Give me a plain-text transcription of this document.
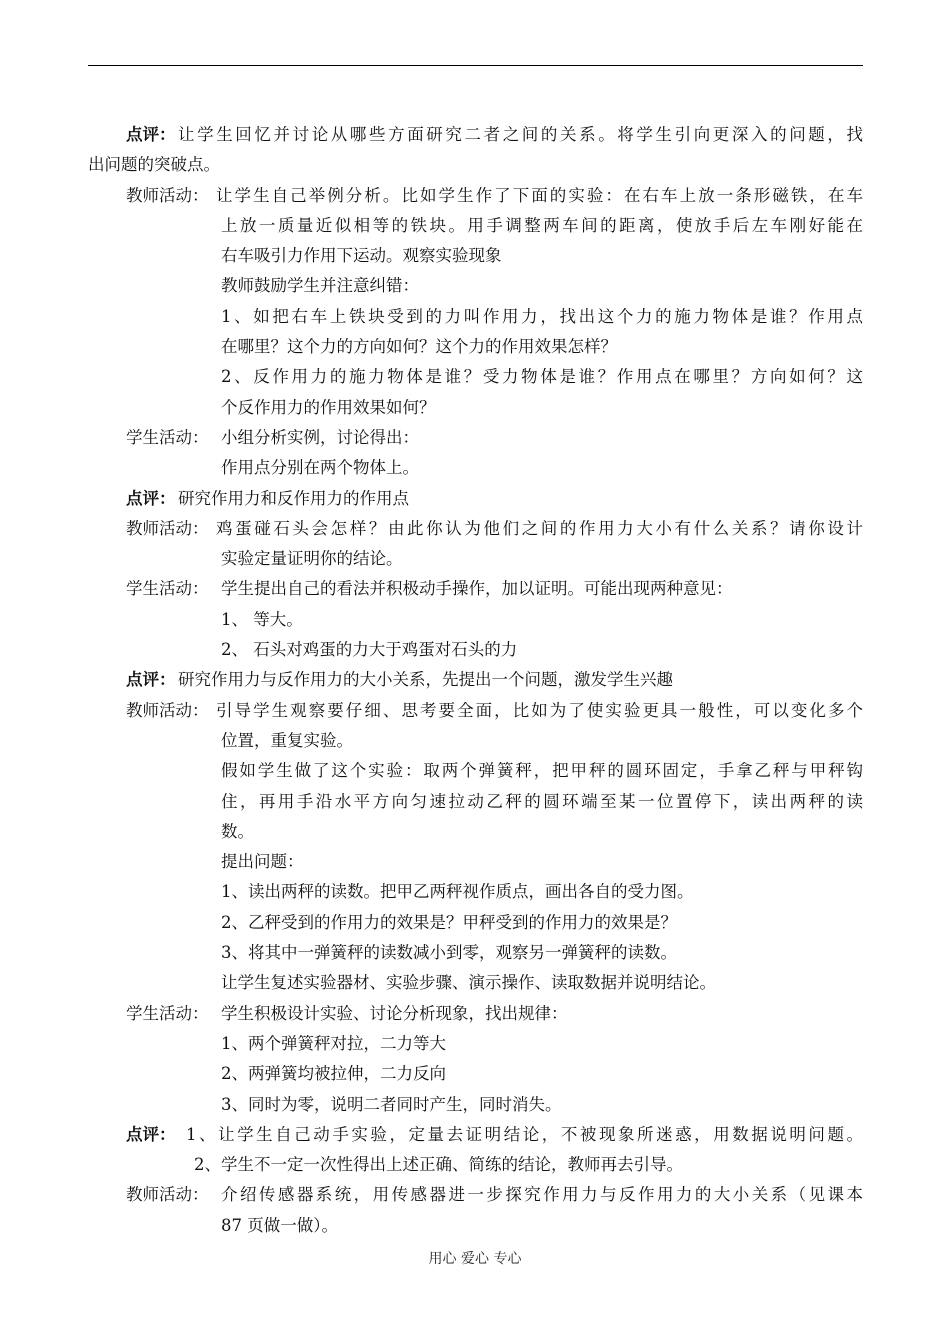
点评： 让学生回忆并讨论从哪些方面研究二者之间的关系。将学生引向更深入的问题，找
出问题的突破点。
教师活动： 让学生自己举例分析。比如学生作了下面的实验：在右车上放一条形磁铁，在车
上放一质量近似相等的铁块。用手调整两车间的距离，使放手后左车刚好能在
右车吸引力作用下运动。观察实验现象
教师鼓励学生并注意纠错：
1、如把右车上铁块受到的力叫作用力，找出这个力的施力物体是谁？作用点
在哪里？这个力的方向如何？这个力的作用效果怎样？
2、反作用力的施力物体是谁？受力物体是谁？作用点在哪里？方向如何？这
个反作用力的作用效果如何？
学生活动： 小组分析实例，讨论得出：
作用点分别在两个物体上。
点评： 研究作用力和反作用力的作用点
教师活动： 鸡蛋碰石头会怎样？由此你认为他们之间的作用力大小有什么关系？请你设计
实验定量证明你的结论。
学生活动： 学生提出自己的看法并积极动手操作，加以证明。可能出现两种意见：
1、 等大。
2、 石头对鸡蛋的力大于鸡蛋对石头的力
点评： 研究作用力与反作用力的大小关系，先提出一个问题，激发学生兴趣
教师活动： 引导学生观察要仔细、思考要全面，比如为了使实验更具一般性，可以变化多个
位置，重复实验。
假如学生做了这个实验：取两个弹簧秤，把甲秤的圆环固定，手拿乙秤与甲秤钩
住，再用手沿水平方向匀速拉动乙秤的圆环端至某一位置停下，读出两秤的读
数。
提出问题：
1、读出两秤的读数。把甲乙两秤视作质点，画出各自的受力图。
2、乙秤受到的作用力的效果是？甲秤受到的作用力的效果是？
3、将其中一弹簧秤的读数减小到零，观察另一弹簧秤的读数。
让学生复述实验器材、实验步骤、演示操作、读取数据并说明结论。
学生活动： 学生积极设计实验、讨论分析现象，找出规律：
1、两个弹簧秤对拉，二力等大
2、两弹簧均被拉伸，二力反向
3、同时为零，说明二者同时产生，同时消失。
点评： 1、让学生自己动手实验，定量去证明结论，不被现象所迷惑，用数据说明问题。
2、学生不一定一次性得出上述正确、简练的结论，教师再去引导。
教师活动： 介绍传感器系统，用传感器进一步探究作用力与反作用力的大小关系（见课本
87 页做一做）。
用心 爱心 专心
